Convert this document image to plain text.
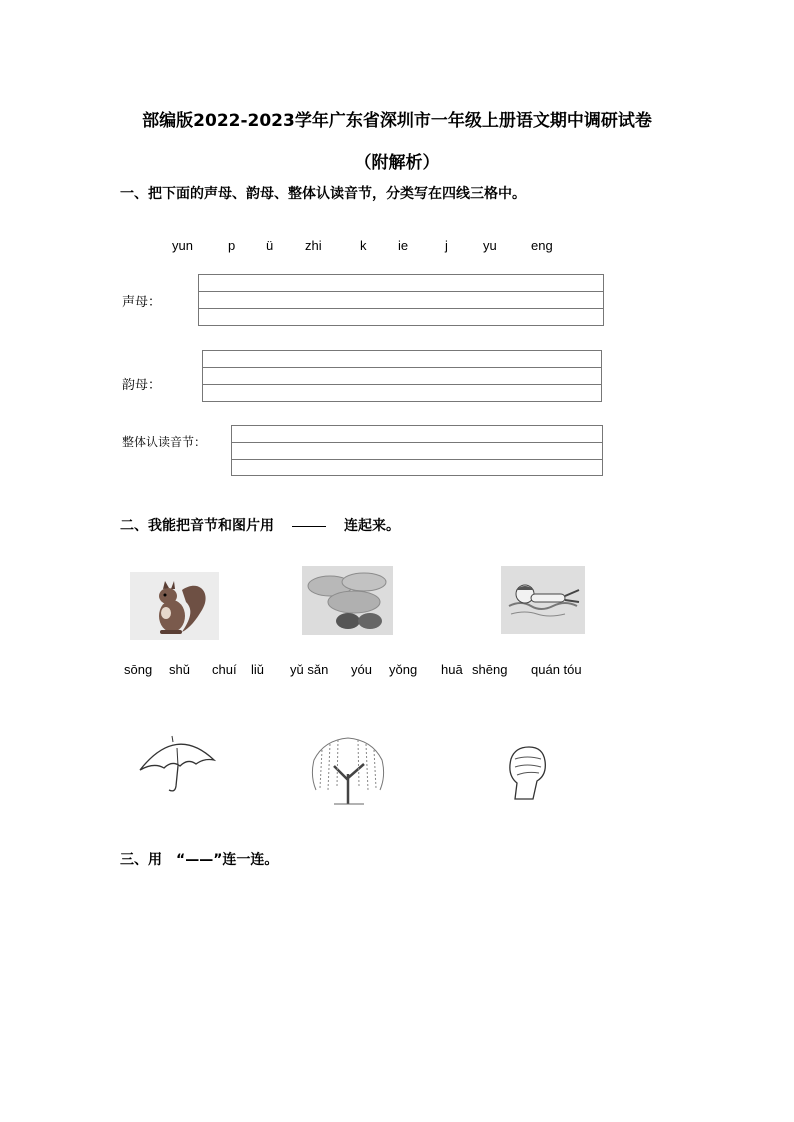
部编版2022-2023学年广东省深圳市一年级上册语文期中调研试卷
（附解析）
一、把下面的声母、韵母、整体认读音节，分类写在四线三格中。
yun	p ü zhi	k ie	j	yu	eng
声母：
韵母：
整体认读音节：
二、我能把音节和图片用	连起来。
sōng shǔ chuí liǔ yǔ sǎn yóu yǒng huā shēng quán tóu
三、用 “——”连一连。
